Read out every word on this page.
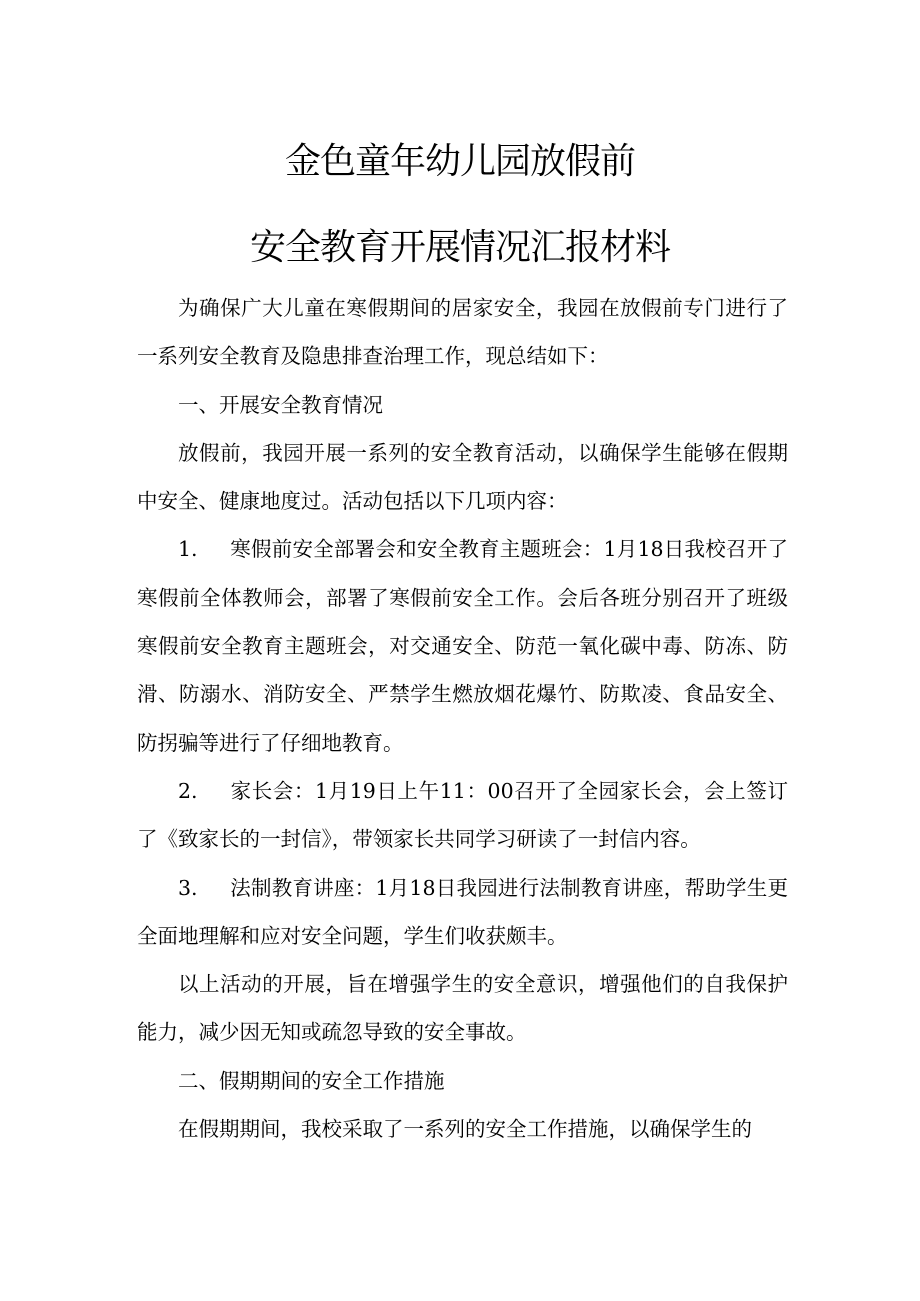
金色童年幼儿园放假前
安全教育开展情况汇报材料

为确保广大儿童在寒假期间的居家安全，我园在放假前专门进行了一系列安全教育及隐患排查治理工作，现总结如下：

一、开展安全教育情况

放假前，我园开展一系列的安全教育活动，以确保学生能够在假期中安全、健康地度过。活动包括以下几项内容：

1. 寒假前安全部署会和安全教育主题班会：1月18日我校召开了寒假前全体教师会，部署了寒假前安全工作。会后各班分别召开了班级寒假前安全教育主题班会，对交通安全、防范一氧化碳中毒、防冻、防滑、防溺水、消防安全、严禁学生燃放烟花爆竹、防欺凌、食品安全、防拐骗等进行了仔细地教育。

2. 家长会：1月19日上午11：00召开了全园家长会，会上签订了《致家长的一封信》，带领家长共同学习研读了一封信内容。

3. 法制教育讲座：1月18日我园进行法制教育讲座，帮助学生更全面地理解和应对安全问题，学生们收获颇丰。

以上活动的开展，旨在增强学生的安全意识，增强他们的自我保护能力，减少因无知或疏忽导致的安全事故。

二、假期期间的安全工作措施

在假期期间，我校采取了一系列的安全工作措施，以确保学生的
